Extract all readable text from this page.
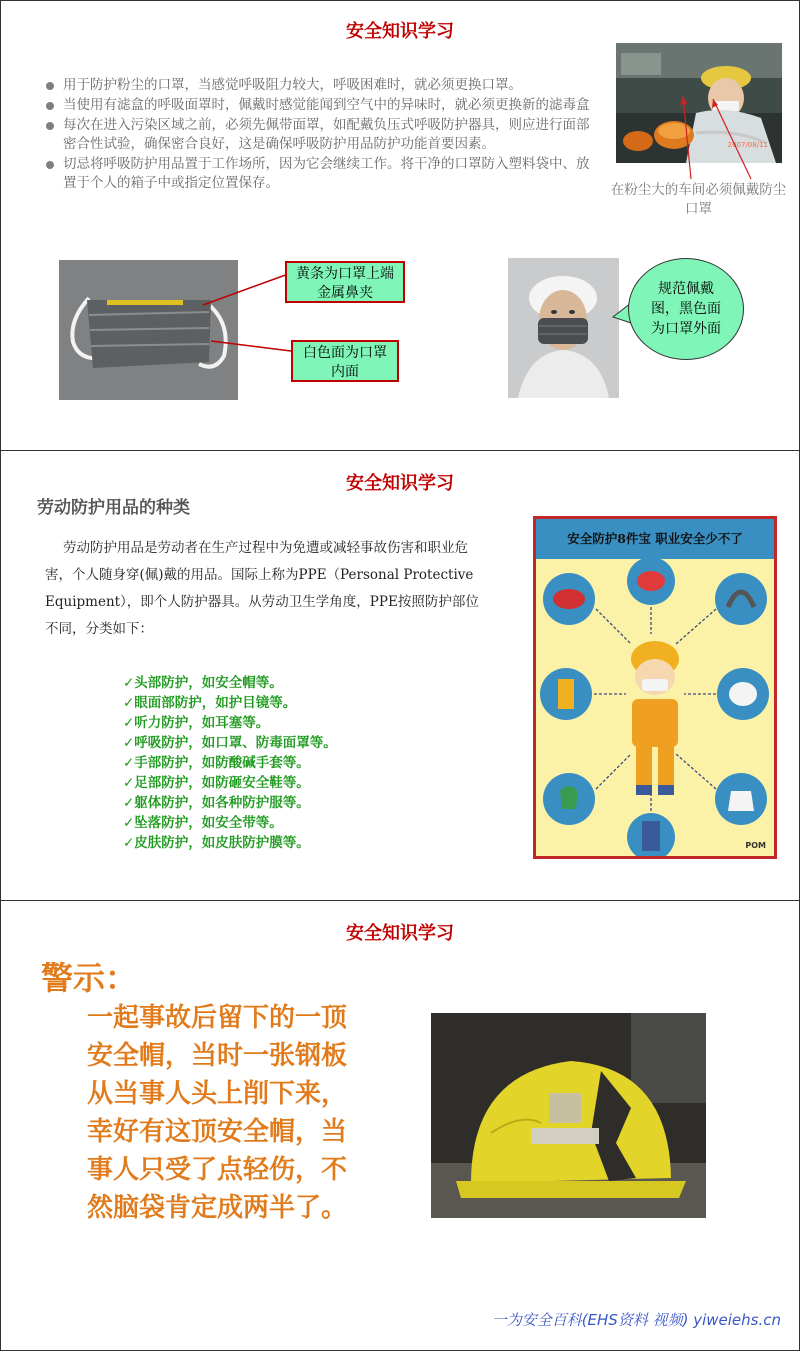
安全知识学习
用于防护粉尘的口罩，当感觉呼吸阻力较大，呼吸困难时，就必须更换口罩。
当使用有滤盒的呼吸面罩时，佩戴时感觉能闻到空气中的异味时，就必须更换新的滤毒盒
每次在进入污染区域之前，必须先佩带面罩，如配戴负压式呼吸防护器具，则应进行面部密合性试验，确保密合良好，这是确保呼吸防护用品防护功能首要因素。
切忌将呼吸防护用品置于工作场所，因为它会继续工作。将干净的口罩防入塑料袋中、放置于个人的箱子中或指定位置保存。
2007/08/11
在粉尘大的车间必须佩戴防尘口罩
黄条为口罩上端金属鼻夹
白色面为口罩内面
规范佩戴图，黑色面为口罩外面
安全知识学习
劳动防护用品的种类
劳动防护用品是劳动者在生产过程中为免遭或减轻事故伤害和职业危害，个人随身穿(佩)戴的用品。国际上称为PPE（Personal Protective Equipment），即个人防护器具。从劳动卫生学角度，PPE按照防护部位不同，分类如下：
✓头部防护，如安全帽等。
✓眼面部防护，如护目镜等。
✓听力防护，如耳塞等。
✓呼吸防护，如口罩、防毒面罩等。
✓手部防护，如防酸碱手套等。
✓足部防护，如防砸安全鞋等。
✓躯体防护，如各种防护服等。
✓坠落防护，如安全带等。
✓皮肤防护，如皮肤防护膜等。
安全防护8件宝 职业安全少不了
POM
安全知识学习
警示：
一起事故后留下的一顶安全帽，当时一张钢板从当事人头上削下来，幸好有这顶安全帽，当事人只受了点轻伤，不然脑袋肯定成两半了。
一为安全百科(EHS资料 视频) yiweiehs.cn
